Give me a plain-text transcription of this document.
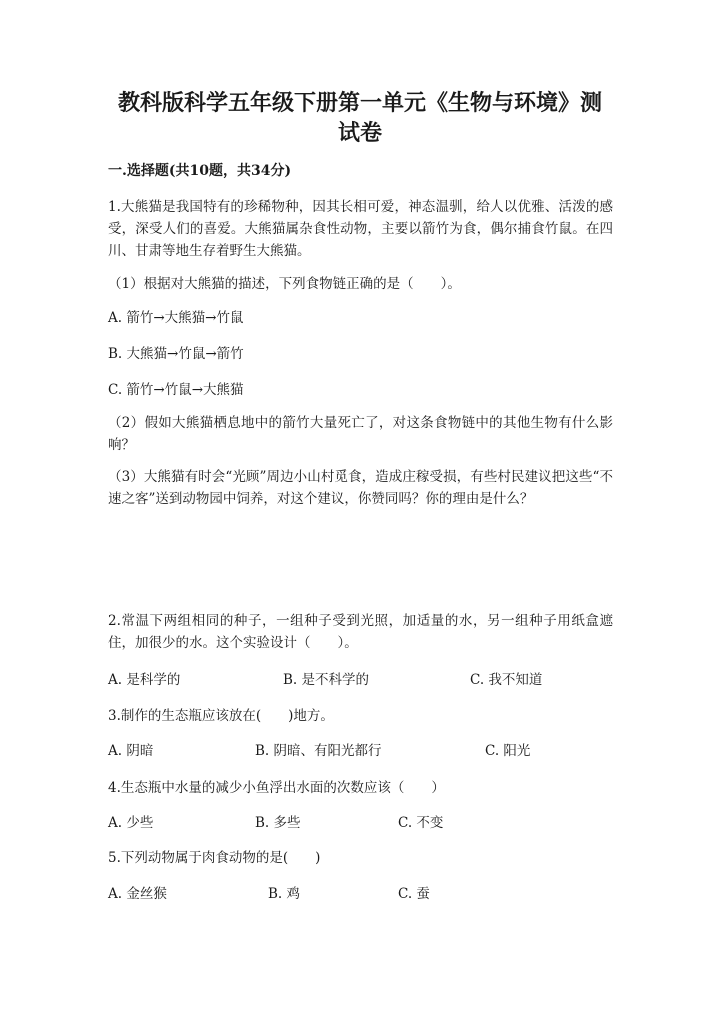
教科版科学五年级下册第一单元《生物与环境》测
试卷

一.选择题(共10题，共34分)

1.大熊猫是我国特有的珍稀物种，因其长相可爱，神态温驯，给人以优雅、活泼的感受，深受人们的喜爱。大熊猫属杂食性动物，主要以箭竹为食，偶尔捕食竹鼠。在四川、甘肃等地生存着野生大熊猫。

（1）根据对大熊猫的描述，下列食物链正确的是（　　）。

A. 箭竹→大熊猫→竹鼠

B. 大熊猫→竹鼠→箭竹

C. 箭竹→竹鼠→大熊猫

（2）假如大熊猫栖息地中的箭竹大量死亡了，对这条食物链中的其他生物有什么影响？

（3）大熊猫有时会“光顾”周边小山村觅食，造成庄稼受损，有些村民建议把这些“不速之客”送到动物园中饲养，对这个建议，你赞同吗？你的理由是什么？

2.常温下两组相同的种子，一组种子受到光照，加适量的水，另一组种子用纸盒遮住，加很少的水。这个实验设计（　　）。

A. 是科学的	B. 是不科学的	C. 我不知道

3.制作的生态瓶应该放在(　　)地方。

A. 阴暗	B. 阴暗、有阳光都行	C. 阳光

4.生态瓶中水量的减少小鱼浮出水面的次数应该（　　）

A. 少些	B. 多些	C. 不变

5.下列动物属于肉食动物的是(　　)

A. 金丝猴	B. 鸡	C. 蚕
